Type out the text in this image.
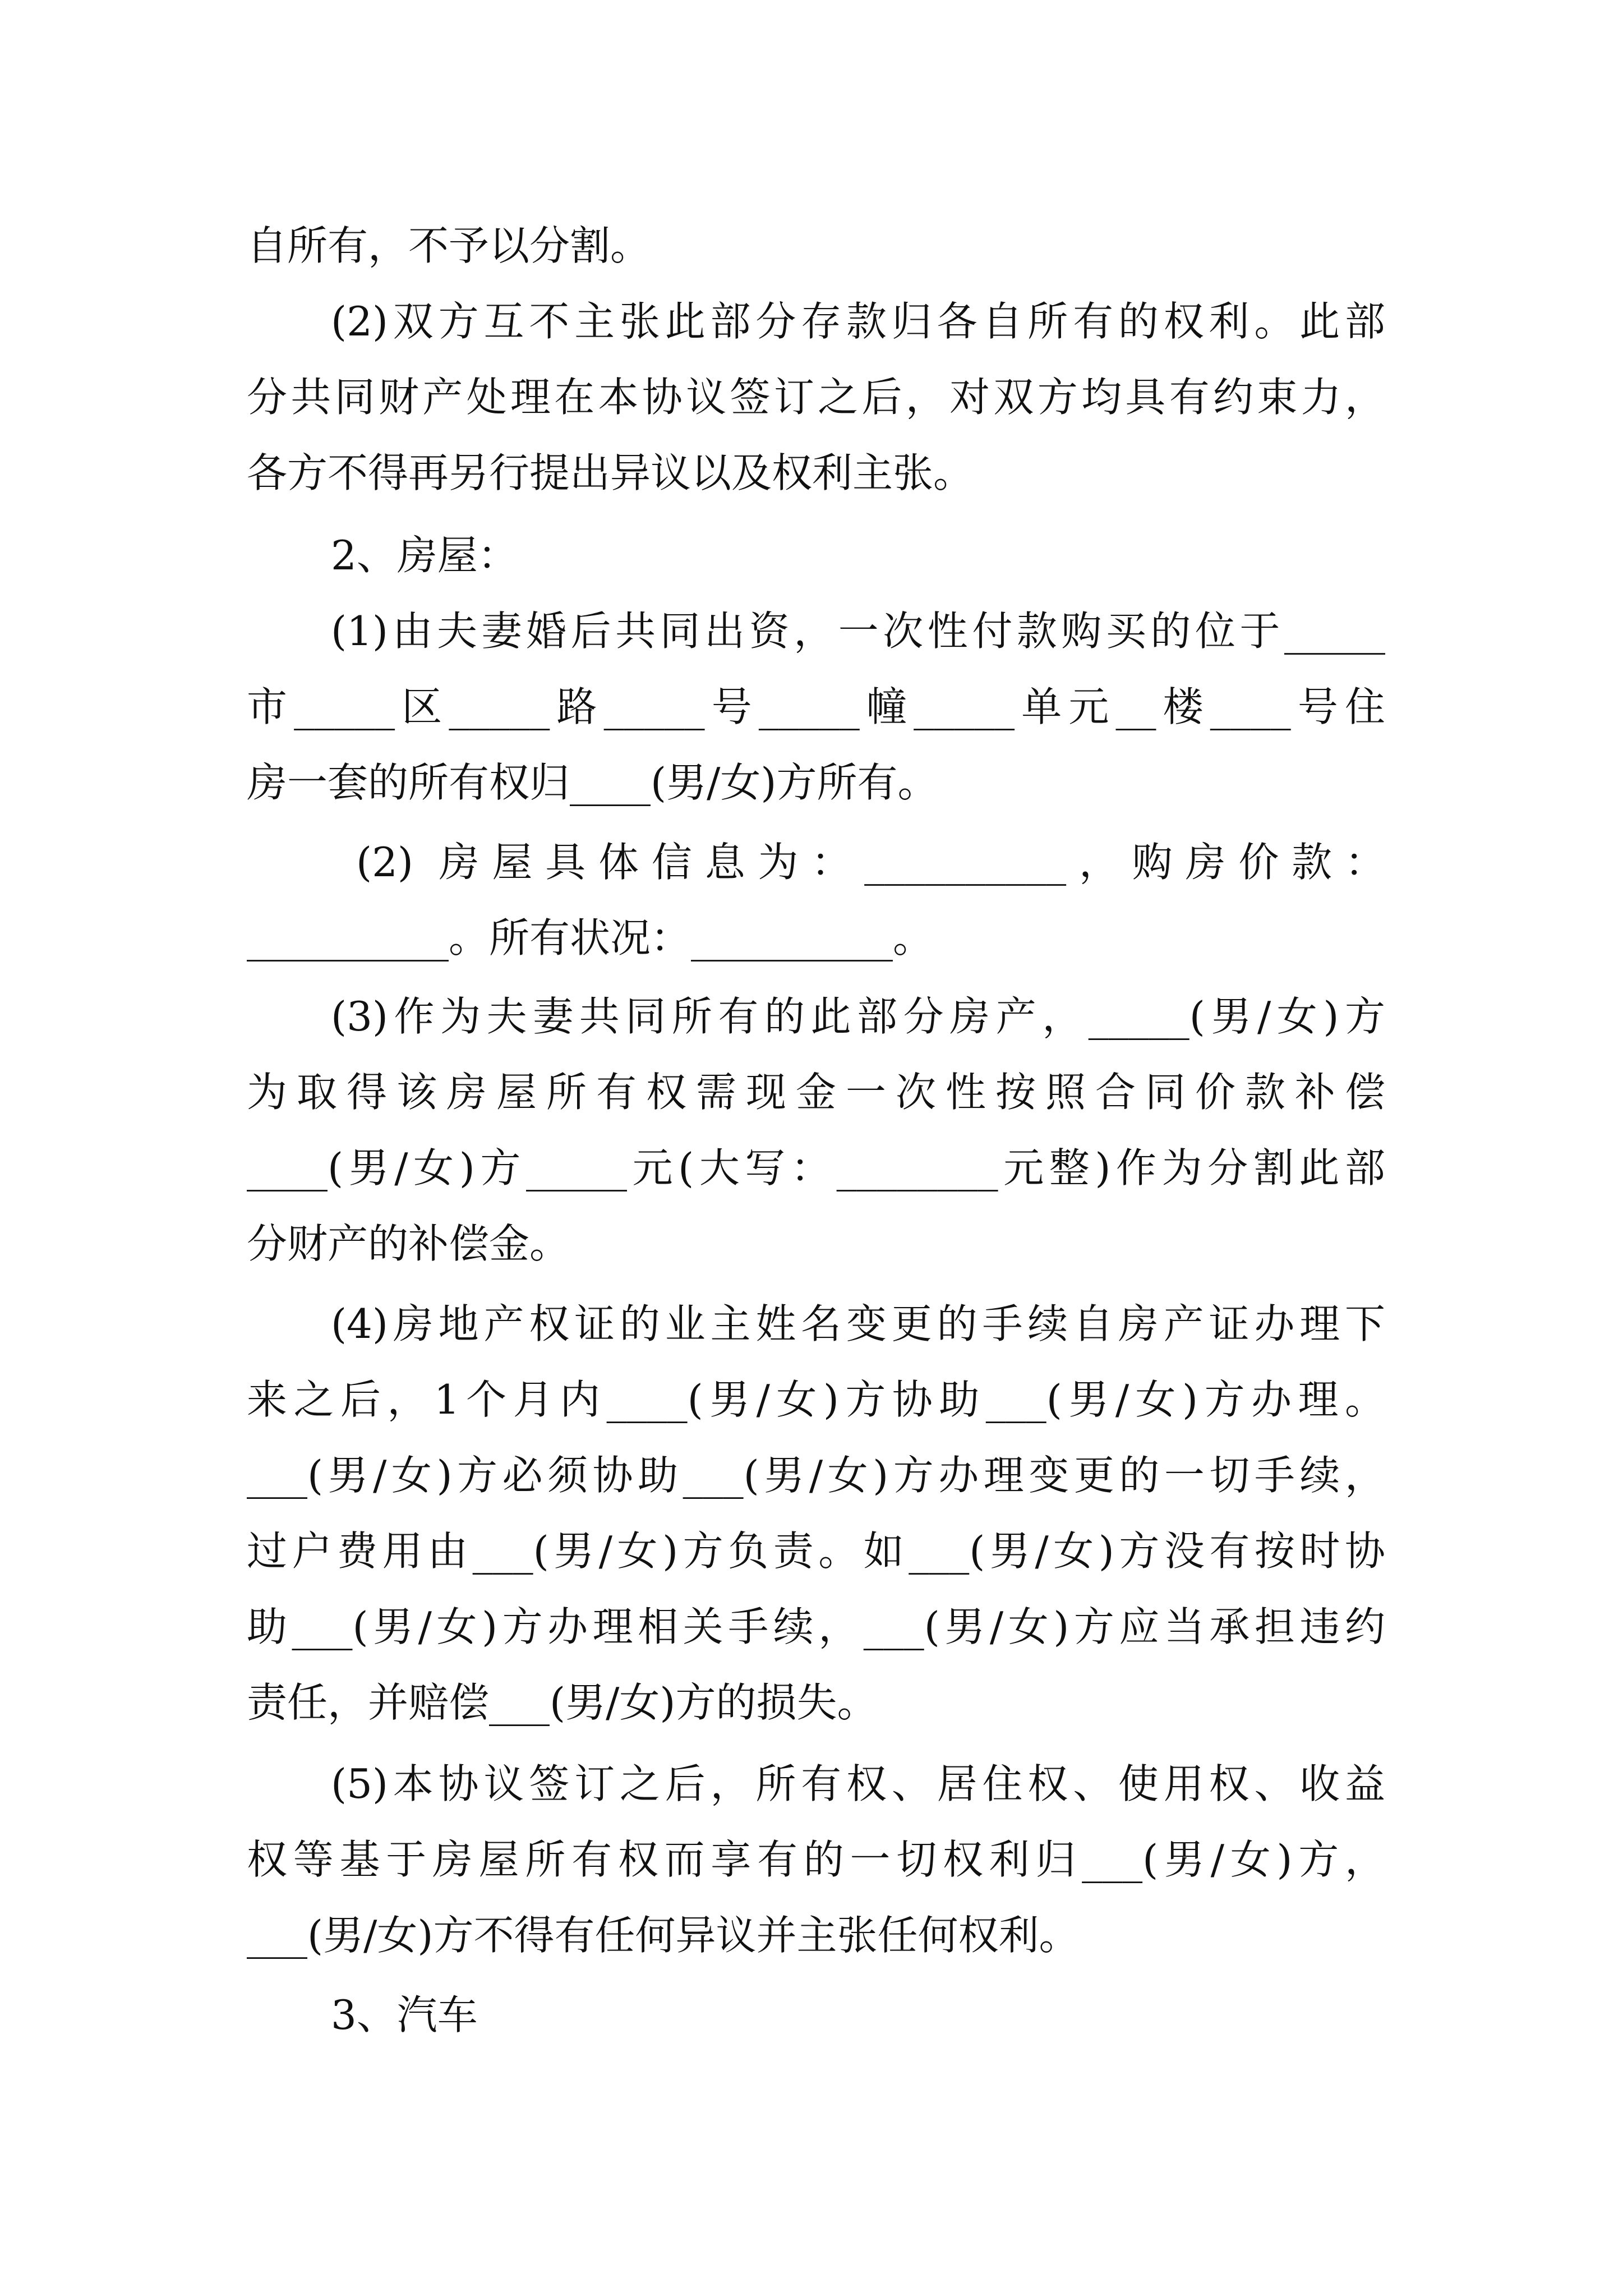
自所有，不予以分割。
(2)双方互不主张此部分存款归各自所有的权利。此部
分共同财产处理在本协议签订之后，对双方均具有约束力，
各方不得再另行提出异议以及权利主张。
2、房屋：
(1)由夫妻婚后共同出资，一次性付款购买的位于_____
市_____区_____路_____号_____幢_____单元__楼____号住
房一套的所有权归____(男/女)方所有。
(2) 房屋具体信息为：__________，购房价款：
__________。所有状况：__________。
(3)作为夫妻共同所有的此部分房产，_____(男/女)方
为取得该房屋所有权需现金一次性按照合同价款补偿
____(男/女)方_____元(大写：________元整)作为分割此部
分财产的补偿金。
(4)房地产权证的业主姓名变更的手续自房产证办理下
来之后，1个月内____(男/女)方协助___(男/女)方办理。
___(男/女)方必须协助___(男/女)方办理变更的一切手续，
过户费用由___(男/女)方负责。如___(男/女)方没有按时协
助___(男/女)方办理相关手续，___(男/女)方应当承担违约
责任，并赔偿___(男/女)方的损失。
(5)本协议签订之后，所有权、居住权、使用权、收益
权等基于房屋所有权而享有的一切权利归___(男/女)方，
___(男/女)方不得有任何异议并主张任何权利。
3、汽车
